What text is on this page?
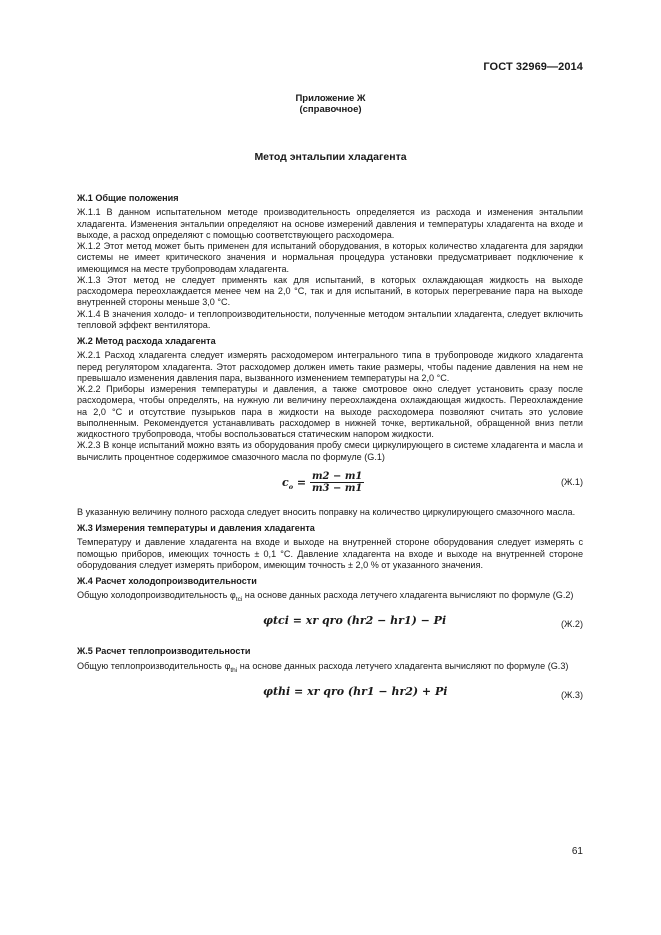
ГОСТ 32969—2014
Приложение Ж
(справочное)
Метод энтальпии хладагента
Ж.1 Общие положения

Ж.1.1 В данном испытательном методе производительность определяется из расхода и изменения энтальпии хладагента. Изменения энтальпии определяют на основе измерений давления и температуры хладагента на входе и выходе, а расход определяют с помощью соответствующего расходомера.

Ж.1.2 Этот метод может быть применен для испытаний оборудования, в которых количество хладагента для зарядки системы не имеет критического значения и нормальная процедура установки предусматривает подключение к имеющимся на месте трубопроводам хладагента.

Ж.1.3 Этот метод не следует применять как для испытаний, в которых охлаждающая жидкость на выходе расходомера переохлаждается менее чем на 2,0 °С, так и для испытаний, в которых перегревание пара на выходе внутренней стороны меньше 3,0 °С.

Ж.1.4 В значения холодо- и теплопроизводительности, полученные методом энтальпии хладагента, следует включить тепловой эффект вентилятора.

Ж.2 Метод расхода хладагента

Ж.2.1 Расход хладагента следует измерять расходомером интегрального типа в трубопроводе жидкого хладагента перед регулятором хладагента. Этот расходомер должен иметь такие размеры, чтобы падение давления на нем не превышало изменения давления пара, вызванного изменением температуры на 2,0 °С.

Ж.2.2 Приборы измерения температуры и давления, а также смотровое окно следует установить сразу после расходомера, чтобы определять, на нужную ли величину переохлаждена охлаждающая жидкость. Переохлаждение на 2,0 °С и отсутствие пузырьков пара в жидкости на выходе расходомера позволяют считать это условие выполненным. Рекомендуется устанавливать расходомер в нижней точке, вертикальной, обращенной вниз петли жидкостного трубопровода, чтобы воспользоваться статическим напором жидкости.

Ж.2.3 В конце испытаний можно взять из оборудования пробу смеси циркулирующего в системе хладагента и масла и вычислить процентное содержимое смазочного масла по формуле (G.1)

$c_o = \frac{m2 - m1}{m3 - m1}$	(Ж.1)

В указанную величину полного расхода следует вносить поправку на количество циркулирующего смазочного масла.

Ж.3 Измерения температуры и давления хладагента

Температуру и давление хладагента на входе и выходе на внутренней стороне оборудования следует измерять с помощью приборов, имеющих точность ± 0,1 °С. Давление хладагента на входе и выходе на внутренней стороне оборудования следует измерять прибором, имеющим точность ± 2,0 % от указанного значения.

Ж.4 Расчет холодопроизводительности

Общую холодопроизводительность $\varphi_{tci}$ на основе данных расхода летучего хладагента вычисляют по формуле (G.2)

φtci = xr qro (hr2 − hr1) − Pi	(Ж.2)
Ж.5 Расчет теплопроизводительности

Общую теплопроизводительность $\varphi_{thi}$ на основе данных расхода летучего хладагента вычисляют по формуле (G.3)

φthi = xr qro (hr1 − hr2) + Pi	(Ж.3)
61
